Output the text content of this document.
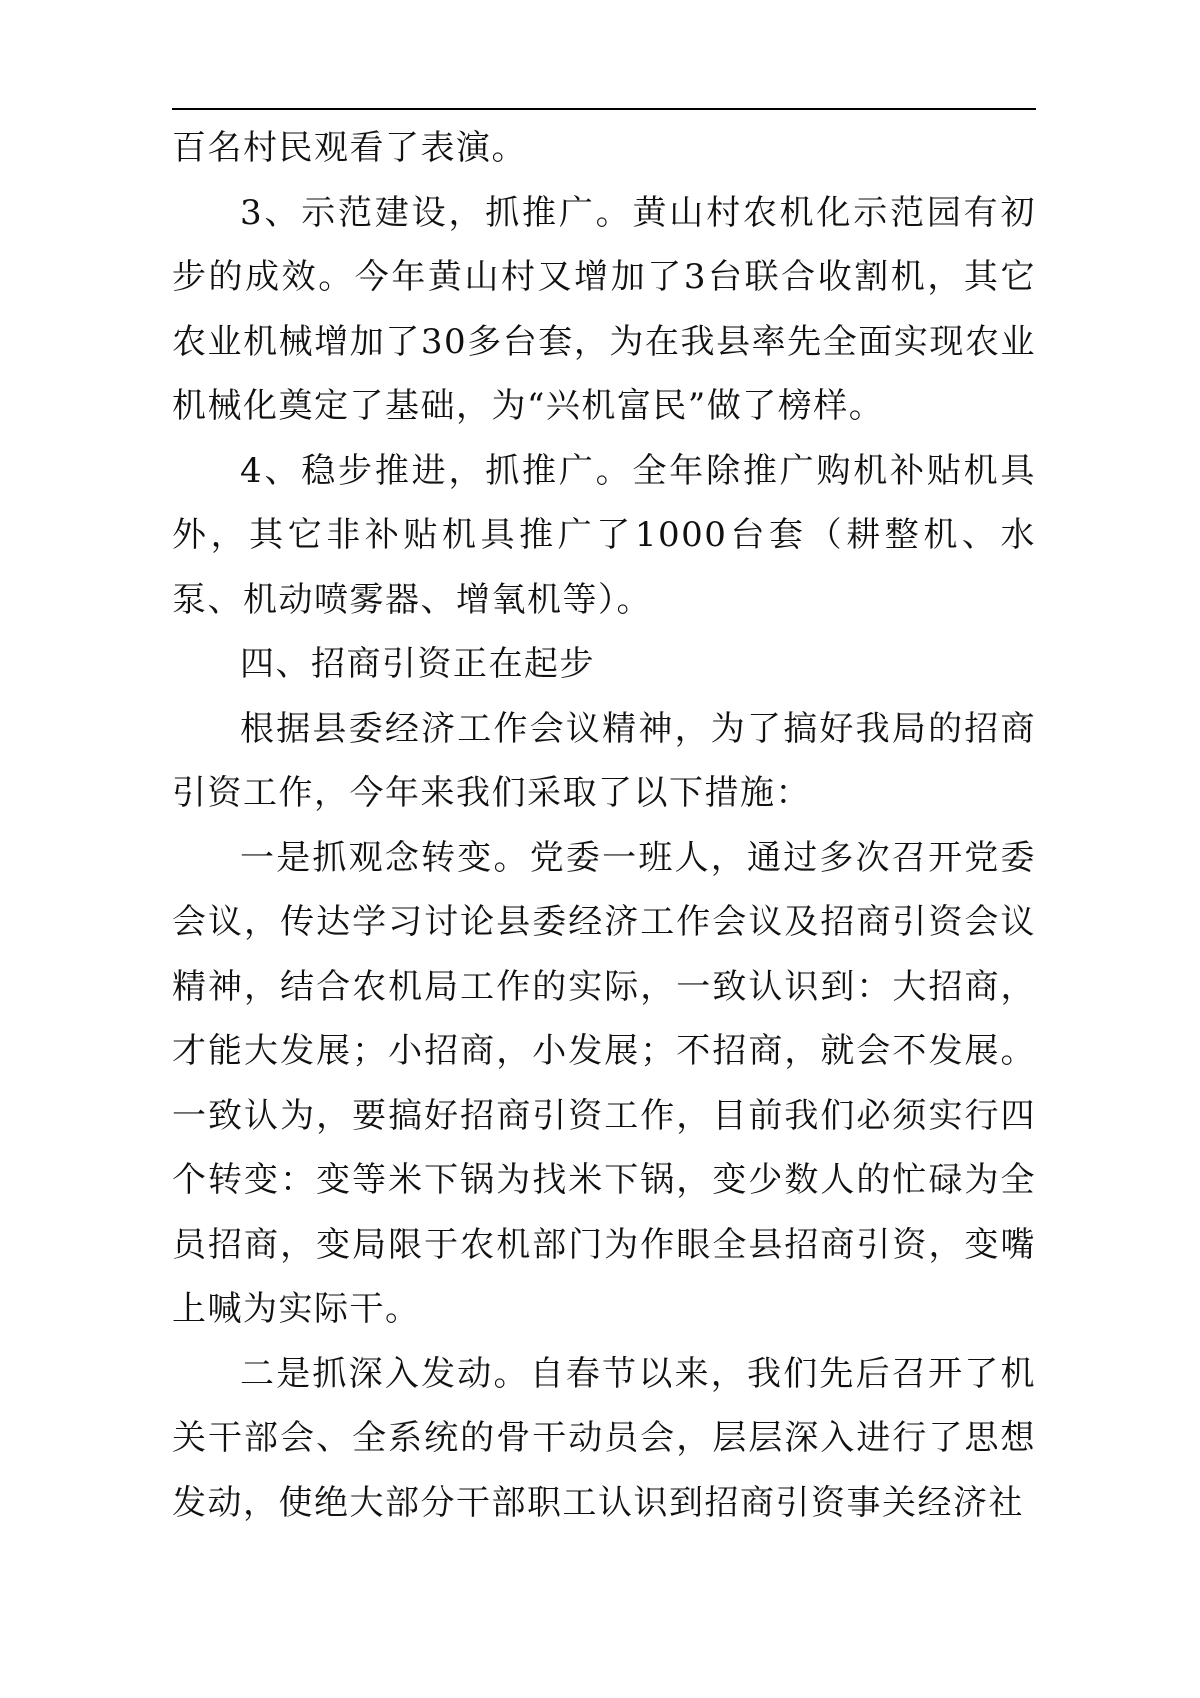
百名村民观看了表演。

3、示范建设，抓推广。黄山村农机化示范园有初步的成效。今年黄山村又增加了3台联合收割机，其它农业机械增加了30多台套，为在我县率先全面实现农业机械化奠定了基础，为“兴机富民”做了榜样。

4、稳步推进，抓推广。全年除推广购机补贴机具外，其它非补贴机具推广了1000台套（耕整机、水泵、机动喷雾器、增氧机等）。

四、招商引资正在起步

根据县委经济工作会议精神，为了搞好我局的招商引资工作，今年来我们采取了以下措施：

一是抓观念转变。党委一班人，通过多次召开党委会议，传达学习讨论县委经济工作会议及招商引资会议精神，结合农机局工作的实际，一致认识到：大招商，才能大发展；小招商，小发展；不招商，就会不发展。一致认为，要搞好招商引资工作，目前我们必须实行四个转变：变等米下锅为找米下锅，变少数人的忙碌为全员招商，变局限于农机部门为作眼全县招商引资，变嘴上喊为实际干。

二是抓深入发动。自春节以来，我们先后召开了机关干部会、全系统的骨干动员会，层层深入进行了思想发动，使绝大部分干部职工认识到招商引资事关经济社
